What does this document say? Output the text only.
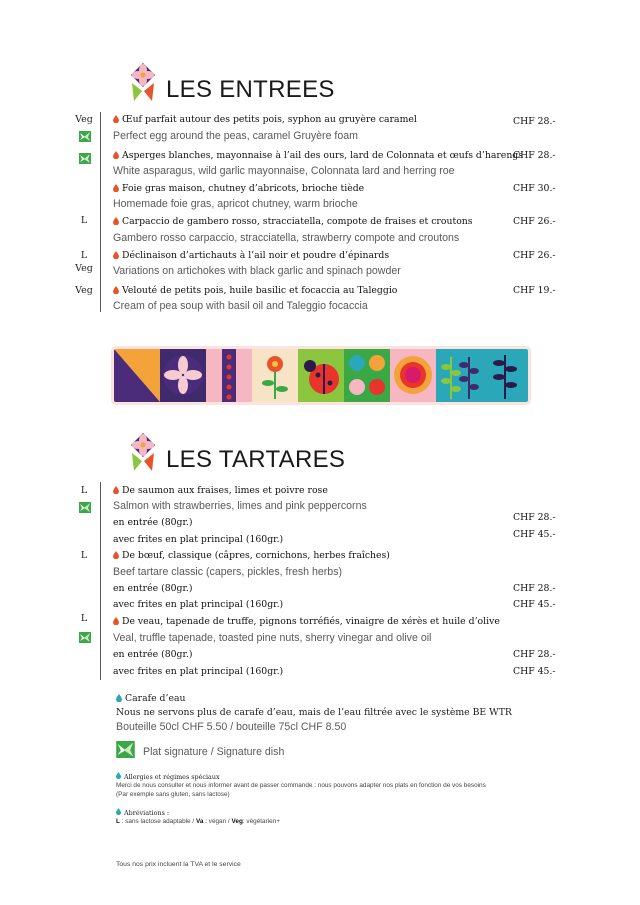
LES ENTREES
Veg
L
L
Veg
Veg
Œuf parfait autour des petits pois, syphon au gruyère caramel
Perfect egg around the peas, caramel Gruyère foam
CHF 28.-
Asperges blanches, mayonnaise à l’ail des ours, lard de Colonnata et œufs d’harengs
White asparagus, wild garlic mayonnaise, Colonnata lard and herring roe
CHF 28.-
Foie gras maison, chutney d’abricots, brioche tiède
Homemade foie gras, apricot chutney, warm brioche
CHF 30.-
Carpaccio de gambero rosso, stracciatella, compote de fraises et croutons
Gambero rosso carpaccio, stracciatella, strawberry compote and croutons
CHF 26.-
Déclinaison d’artichauts à l’ail noir et poudre d’épinards
Variations on artichokes with black garlic and spinach powder
CHF 26.-
Velouté de petits pois, huile basilic et focaccia au Taleggio
Cream of pea soup with basil oil and Taleggio focaccia
CHF 19.-
LES TARTARES
L
L
L
De saumon aux fraises, limes et poivre rose
Salmon with strawberries, limes and pink peppercorns
en entrée (80gr.)
avec frites en plat principal (160gr.)
CHF 28.-
CHF 45.-
De bœuf, classique (câpres, cornichons, herbes fraîches)
Beef tartare classic (capers, pickles, fresh herbs)
en entrée (80gr.)
avec frites en plat principal (160gr.)
CHF 28.-
CHF 45.-
De veau, tapenade de truffe, pignons torréfiés, vinaigre de xérès et huile d’olive
Veal, truffle tapenade, toasted pine nuts, sherry vinegar and olive oil
en entrée (80gr.)
avec frites en plat principal (160gr.)
CHF 28.-
CHF 45.-
Carafe d’eau
Nous ne servons plus de carafe d’eau, mais de l’eau filtrée avec le système BE WTR
Bouteille 50cl CHF 5.50 / bouteille 75cl CHF 8.50
Plat signature / Signature dish
Allergies et régimes spéciaux
Merci de nous consulter et nous informer avant de passer commande : nous pouvons adapter nos plats en fonction de vos besoins
(Par exemple sans gluten, sans lactose)
Abréviations :
L : sans lactose adaptable / Va : végan / Veg: végétarien+
Tous nos prix incluent la TVA et le service
